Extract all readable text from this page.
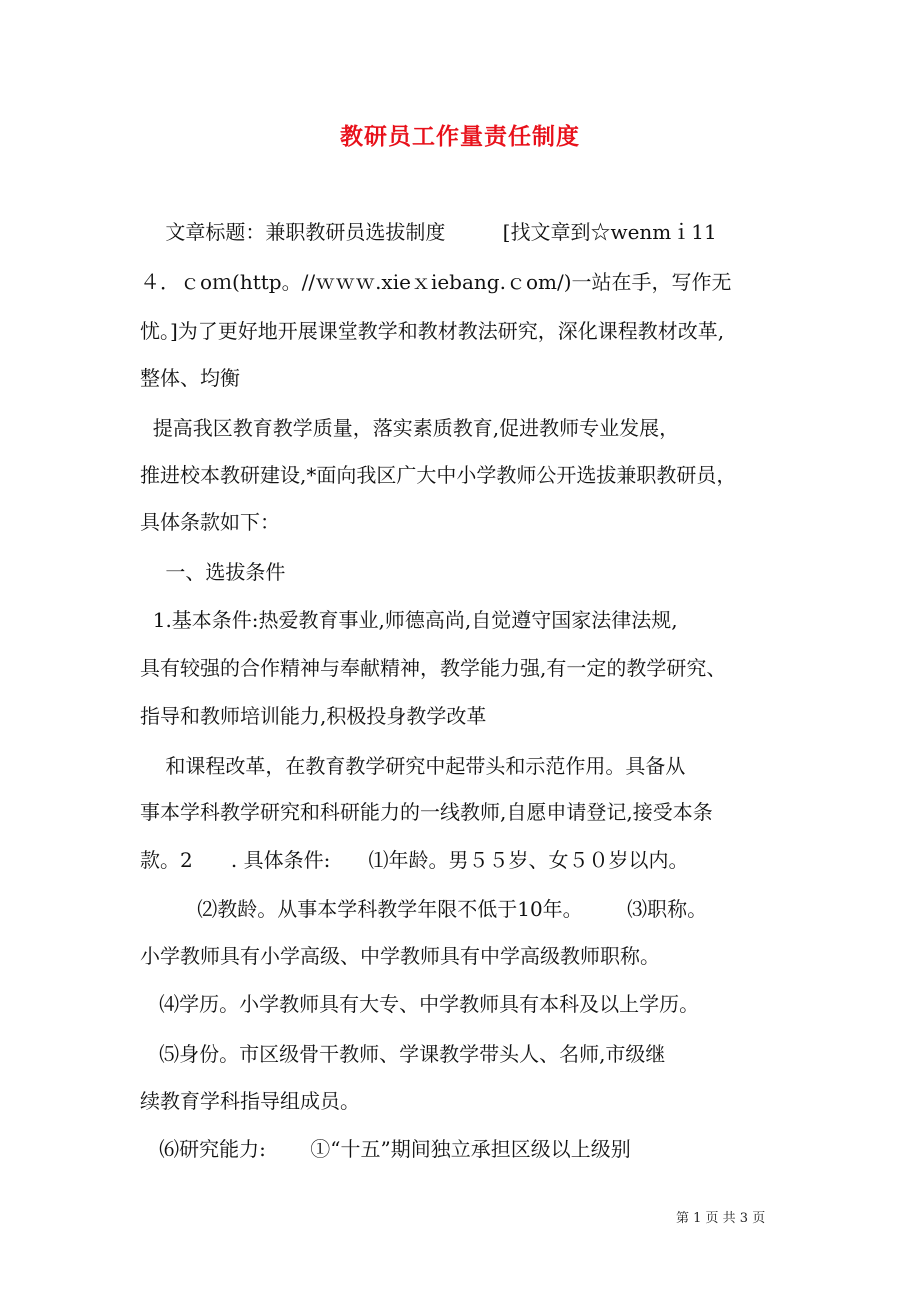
教研员工作量责任制度
文章标题：兼职教研员选拔制度﻿         [找文章到☆wenmｉ11
４．ｃoｍ(http。//ｗｗｗ.xieｘiebang.ｃom/)一站在手，写作无
忧。]为了更好地开展课堂教学和教材教法研究，深化课程教材改革,
整体、均衡
提高我区教育教学质量，落实素质教育,促进教师专业发展，
推进校本教研建设,*面向我区广大中小学教师公开选拔兼职教研员，
具体条款如下：
一、选拔条件
1.基本条件:热爱教育事业,师德高尚,自觉遵守国家法律法规,
具有较强的合作精神与奉献精神，教学能力强,有一定的教学研究、
指导和教师培训能力,积极投身教学改革
和课程改革，在教育教学研究中起带头和示范作用。具备从
事本学科教学研究和科研能力的一线教师,自愿申请登记,接受本条
款。2      ﻿. 具体条件﻿:﻿      ⑴年龄。男５５岁、女５０岁以内。
﻿         ⑵教龄。从事本学科教学年限不低于10年。﻿       ⑶职称。
小学教师具有小学高级、中学教师具有中学高级教师职称。
⑷学历。小学教师具有大专、中学教师具有本科及以上学历。
⑸身份。市区级骨干教师、学课教学带头人、名师,市级继
续教育学科指导组成员。
⑹研究能力:﻿       ①“十五”期间独立承担区级以上级别
第 1 页 共 3 页
